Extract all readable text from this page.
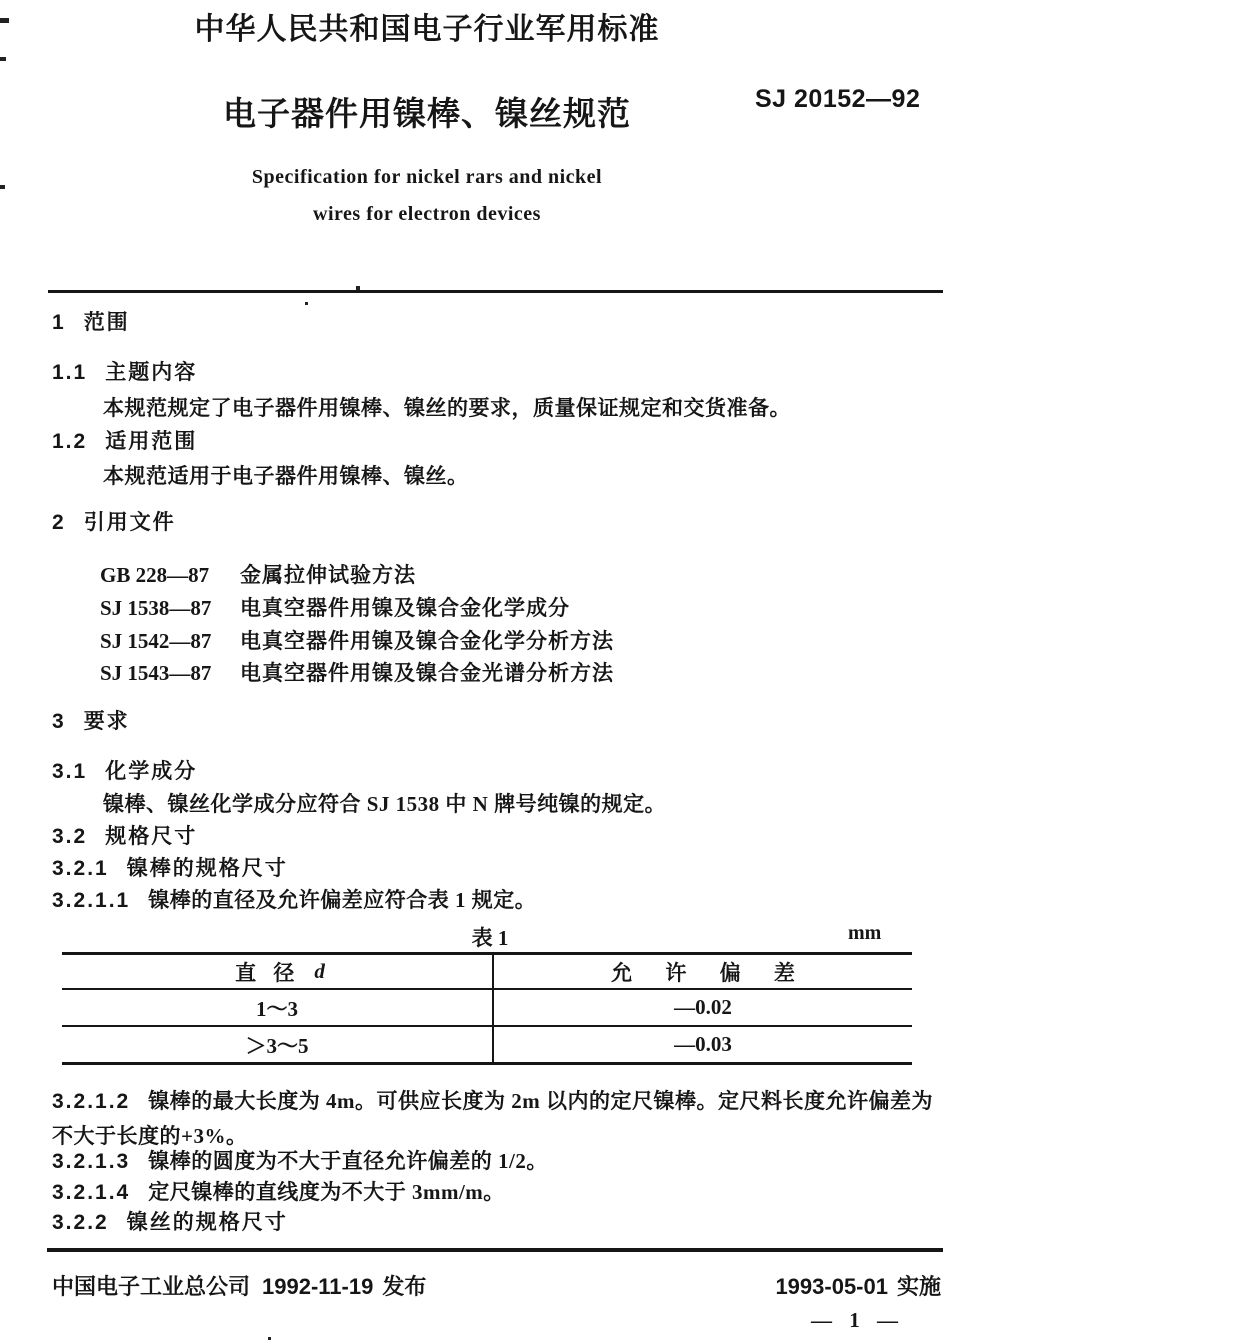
中华人民共和国电子行业军用标准
电子器件用镍棒、镍丝规范	SJ 20152—92
Specification for nickel rars and nickel
wires for electron devices
1 范围
1.1 主题内容
本规范规定了电子器件用镍棒、镍丝的要求，质量保证规定和交货准备。
1.2 适用范围
本规范适用于电子器件用镍棒、镍丝。
2 引用文件
GB 228—87 金属拉伸试验方法
SJ 1538—87 电真空器件用镍及镍合金化学成分
SJ 1542—87 电真空器件用镍及镍合金化学分析方法
SJ 1543—87 电真空器件用镍及镍合金光谱分析方法
3 要求
3.1 化学成分
镍棒、镍丝化学成分应符合 SJ 1538 中 N 牌号纯镍的规定。
3.2 规格尺寸
3.2.1 镍棒的规格尺寸
3.2.1.1 镍棒的直径及允许偏差应符合表 1 规定。
表 1	mm
直 径 d	允 许 偏 差
1～3	—0.02
＞3～5	—0.03
3.2.1.2 镍棒的最大长度为 4m。可供应长度为 2m 以内的定尺镍棒。定尺料长度允许偏差为不大于长度的+3%。
3.2.1.3 镍棒的圆度为不大于直径允许偏差的 1/2。
3.2.1.4 定尺镍棒的直线度为不大于 3mm/m。
3.2.2 镍丝的规格尺寸
中国电子工业总公司 1992-11-19 发布	1993-05-01 实施
— 1 —
